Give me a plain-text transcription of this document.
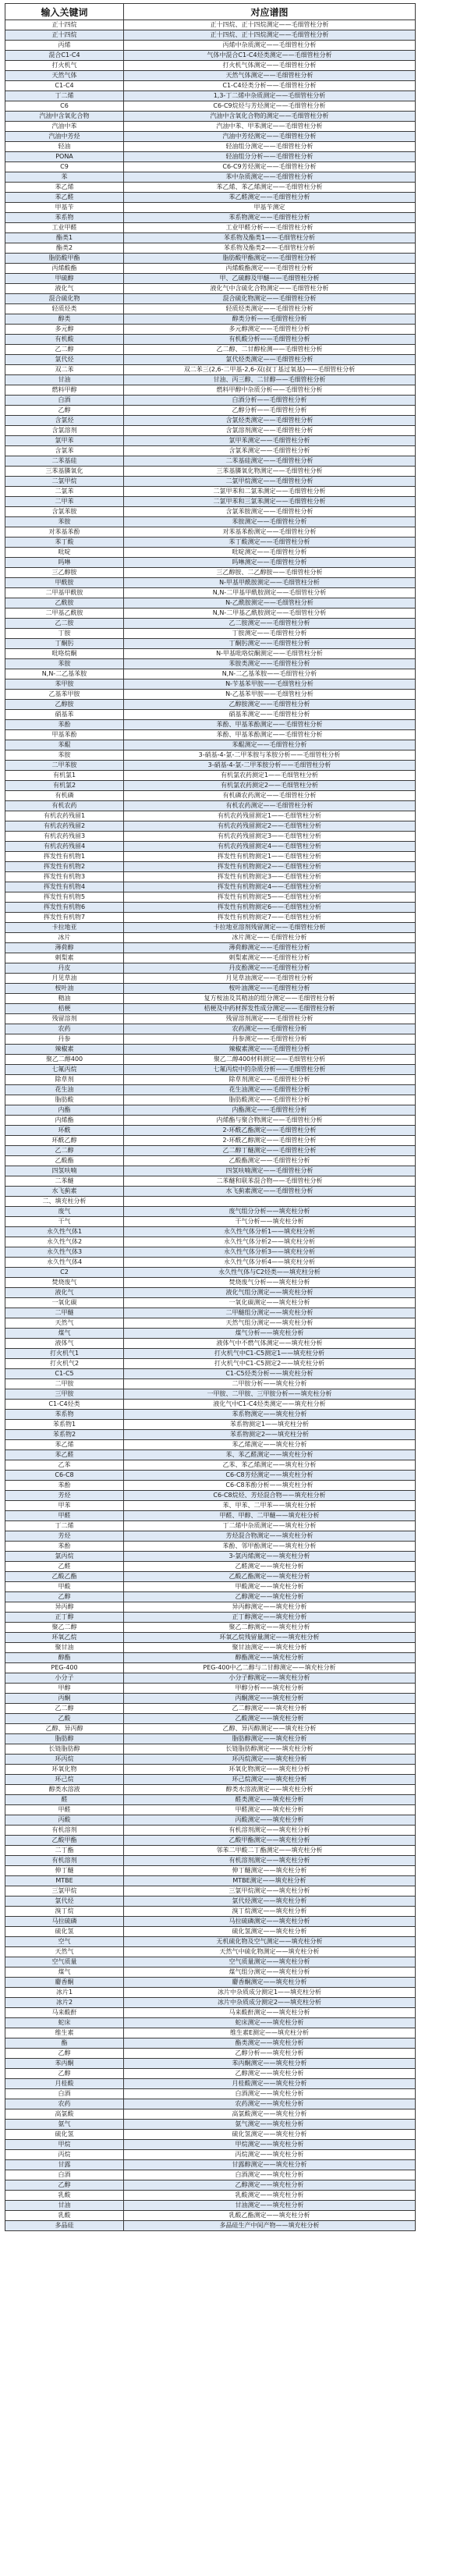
输入关键词	对应谱图
正十四烷	正十四烷、正十四烷测定——毛细管柱分析
正十四烷	正十四烷、正十四烷测定——毛细管柱分析
丙烯	丙烯中杂质测定——毛细管柱分析
混合C1-C4	气体中混合C1-C4烃类测定——毛细管柱分析
打火机气	打火机气体测定——毛细管柱分析
天然气体	天然气体测定——毛细管柱分析
C1-C4	C1-C4烃类分析——毛细管柱分析
丁二烯	1,3-丁二烯中杂质测定——毛细管柱分析
C6	C6-C9烷烃与芳烃测定——毛细管柱分析
汽油中含氧化合物	汽油中含氧化合物的测定——毛细管柱分析
汽油中苯	汽油中苯、甲苯测定——毛细管柱分析
汽油中芳烃	汽油中芳烃测定——毛细管柱分析
轻油	轻油组分测定——毛细管柱分析
PONA	轻油组分分析——毛细管柱分析
C9	C6-C9芳烃测定——毛细管柱分析
苯	苯中杂质测定——毛细管柱分析
苯乙烯	苯乙烯、苯乙烯测定——毛细管柱分析
苯乙醛	苯乙醛测定——毛细管柱分析
甲基苄	甲基苄测定
苯系物	苯系物测定——毛细管柱分析
工业甲醛	工业甲醛分析——毛细管柱分析
酯类1	苯系物及酯类1——毛细管柱分析
酯类2	苯系物及酯类2——毛细管柱分析
脂肪酸甲酯	脂肪酸甲酯测定——毛细管柱分析
丙烯酸酯	丙烯酸酯测定——毛细管柱分析
甲硫醇	甲、乙硫醇及甲醚——毛细管柱分析
液化气	液化气中含硫化合物测定——毛细管柱分析
混合硫化物	混合硫化物测定——毛细管柱分析
轻质烃类	轻质烃类测定——毛细管柱分析
醇类	醇类分析——毛细管柱分析
多元醇	多元醇测定——毛细管柱分析
有机酸	有机酸分析——毛细管柱分析
乙二醇	乙二醇、二甘醇检测——毛细管柱分析
氯代烃	氯代烃类测定——毛细管柱分析
双二苯	双二苯三(2,6-二甲基-2,6-双(叔丁基过氧基)——毛细管柱分析
甘油	甘油、丙三醇、二甘醇——毛细管柱分析
燃料甲醇	燃料甲醇中杂质分析——毛细管柱分析
白酒	白酒分析——毛细管柱分析
乙醇	乙醇分析——毛细管柱分析
含氯烃	含氯烃类测定——毛细管柱分析
含氯溶剂	含氯溶剂测定——毛细管柱分析
氯甲苯	氯甲苯测定——毛细管柱分析
含氯苯	含氯苯测定——毛细管柱分析
二苯基硅	二苯基硅测定——毛细管柱分析
三苯基膦氧化	三苯基膦氧化物测定——毛细管柱分析
二氯甲烷	二氯甲烷测定——毛细管柱分析
二氯苯	二氯甲苯和二氯苯测定——毛细管柱分析
二甲苯	二氯甲苯和三氯苯测定——毛细管柱分析
含氯苯胺	含氯苯胺测定——毛细管柱分析
苯胺	苯胺测定——毛细管柱分析
对苯基苯酚	对苯基苯酚测定——毛细管柱分析
苯丁酸	苯丁酸测定——毛细管柱分析
吡啶	吡啶测定——毛细管柱分析
吗啉	吗啉测定——毛细管柱分析
三乙醇胺	三乙醇胺、二乙醇胺——毛细管柱分析
甲酰胺	N-甲基甲酰胺测定——毛细管柱分析
二甲基甲酰胺	N,N-二甲基甲酰胺测定——毛细管柱分析
乙酰胺	N-乙酰胺测定——毛细管柱分析
二甲基乙酰胺	N,N-二甲基乙酰胺测定——毛细管柱分析
乙二胺	乙二胺测定——毛细管柱分析
丁胺	丁胺测定——毛细管柱分析
丁酮肟	丁酮肟测定——毛细管柱分析
吡咯烷酮	N-甲基吡咯烷酮测定——毛细管柱分析
苯胺	苯胺类测定——毛细管柱分析
N,N-二乙基苯胺	N,N-二乙基苯胺——毛细管柱分析
苯甲胺	N-苄基苯甲胺——毛细管柱分析
乙基苯甲胺	N-乙基苯甲胺——毛细管柱分析
乙醇胺	乙醇胺测定——毛细管柱分析
硝基苯	硝基苯测定——毛细管柱分析
苯酚	苯酚、甲基苯酚测定——毛细管柱分析
甲基苯酚	苯酚、甲基苯酚测定——毛细管柱分析
苯醌	苯醌测定——毛细管柱分析
苯胺	3-硝基-4-氯-二甲苯胺与苯胺分析——毛细管柱分析
二甲苯胺	3-硝基-4-氯-二甲苯胺分析——毛细管柱分析
有机氯1	有机氯农药测定1——毛细管柱分析
有机氯2	有机氯农药测定2——毛细管柱分析
有机磷	有机磷农药测定——毛细管柱分析
有机农药	有机农药测定——毛细管柱分析
有机农药残留1	有机农药残留测定1——毛细管柱分析
有机农药残留2	有机农药残留测定2——毛细管柱分析
有机农药残留3	有机农药残留测定3——毛细管柱分析
有机农药残留4	有机农药残留测定4——毛细管柱分析
挥发性有机物1	挥发性有机物测定1——毛细管柱分析
挥发性有机物2	挥发性有机物测定2——毛细管柱分析
挥发性有机物3	挥发性有机物测定3——毛细管柱分析
挥发性有机物4	挥发性有机物测定4——毛细管柱分析
挥发性有机物5	挥发性有机物测定5——毛细管柱分析
挥发性有机物6	挥发性有机物测定6——毛细管柱分析
挥发性有机物7	挥发性有机物测定7——毛细管柱分析
卡拉地亚	卡拉地亚溶剂残留测定——毛细管柱分析
冰片	冰片测定——毛细管柱分析
薄荷醇	薄荷醇测定——毛细管柱分析
刺梨素	刺梨素测定——毛细管柱分析
丹皮	丹皮酚测定——毛细管柱分析
月见草油	月见草油测定——毛细管柱分析
桉叶油	桉叶油测定——毛细管柱分析
精油	复方桉油及其精油的组分测定——毛细管柱分析
桔梗	桔梗及中药材挥发性成分测定——毛细管柱分析
残留溶剂	残留溶剂测定——毛细管柱分析
农药	农药测定——毛细管柱分析
丹参	丹参测定——毛细管柱分析
辣椒素	辣椒素测定——毛细管柱分析
聚乙二醇400	聚乙二醇400材料测定——毛细管柱分析
七氟丙烷	七氟丙烷中的杂质分析——毛细管柱分析
除草剂	除草剂测定——毛细管柱分析
花生油	花生油测定——毛细管柱分析
脂肪酸	脂肪酸测定——毛细管柱分析
内酯	内酯测定——毛细管柱分析
内烯酯	内烯酯与聚合物测定——毛细管柱分析
环酰	2-环酰乙酯测定——毛细管柱分析
环酰乙醇	2-环酰乙醇测定——毛细管柱分析
乙二醇	乙二醇丁醚测定——毛细管柱分析
乙酸酯	乙酸酯测定——毛细管柱分析
四氢呋喃	四氢呋喃测定——毛细管柱分析
二苯醚	二苯醚和联苯混合物——毛细管柱分析
水飞蓟素	水飞蓟素测定——毛细管柱分析
二、填充柱分析	
废气	废气组分分析——填充柱分析
干气	干气分析——填充柱分析
永久性气体1	永久性气体分析1——填充柱分析
永久性气体2	永久性气体分析2——填充柱分析
永久性气体3	永久性气体分析3——填充柱分析
永久性气体4	永久性气体分析4——填充柱分析
C2	永久性气体与C2烃类——填充柱分析
焚烧废气	焚烧废气分析——填充柱分析
液化气	液化气组分测定——填充柱分析
一氧化碳	一氧化碳测定——填充柱分析
二甲醚	二甲醚组分测定——填充柱分析
天然气	天然气组分测定——填充柱分析
煤气	煤气分析——填充柱分析
液体气	液体气中不燃气体测定——填充柱分析
打火机气1	打火机气中C1-C5测定1——填充柱分析
打火机气2	打火机气中C1-C5测定2——填充柱分析
C1-C5	C1-C5烃类分析——填充柱分析
二甲胺	二甲胺分析——填充柱分析
三甲胺	一甲胺、二甲胺、三甲胺分析——填充柱分析
C1-C4烃类	液化气中C1-C4烃类测定——填充柱分析
苯系物	苯系物测定——填充柱分析
苯系物1	苯系物测定1——填充柱分析
苯系物2	苯系物测定2——填充柱分析
苯乙烯	苯乙烯测定——填充柱分析
苯乙醛	苯、苯乙醛测定——填充柱分析
乙苯	乙苯、苯乙烯测定——填充柱分析
C6-C8	C6-C8芳烃测定——填充柱分析
苯酚	C6-C8苯酚分析——填充柱分析
芳烃	C6-C8烷烃、芳烃混合物——填充柱分析
甲苯	苯、甲苯、二甲苯——填充柱分析
甲醛	甲醛、甲醇、二甲醚——填充柱分析
丁二烯	丁二烯中杂质测定——填充柱分析
芳烃	芳烃混合物测定——填充柱分析
苯酚	苯酚、邻甲酚测定——填充柱分析
氯丙烷	3-氯丙烯测定——填充柱分析
乙醛	乙醛测定——填充柱分析
乙酸乙酯	乙酸乙酯测定——填充柱分析
甲酸	甲酸测定——填充柱分析
乙醇	乙醇测定——填充柱分析
异丙醇	异丙醇测定——填充柱分析
正丁醇	正丁醇测定——填充柱分析
聚乙二醇	聚乙二醇测定——填充柱分析
环氧乙烷	环氧乙烷残留量测定——填充柱分析
聚甘油	聚甘油测定——填充柱分析
醇酯	醇酯测定——填充柱分析
PEG-400	PEG-400中乙二醇与二甘醇测定——填充柱分析
小分子	小分子醇测定——填充柱分析
甲醇	甲醇分析——填充柱分析
丙酮	丙酮测定——填充柱分析
乙二醇	乙二醇测定——填充柱分析
乙酸	乙酸测定——填充柱分析
乙醇、异丙醇	乙醇、异丙醇测定——填充柱分析
脂肪醇	脂肪醇测定——填充柱分析
长链脂肪醇	长链脂肪醇测定——填充柱分析
环丙烷	环丙烷测定——填充柱分析
环氧化物	环氧化物测定——填充柱分析
环己烷	环己烷测定——填充柱分析
醇类水溶液	醇类水溶液测定——填充柱分析
醛	醛类测定——填充柱分析
甲醛	甲醛测定——填充柱分析
丙酸	丙酸测定——填充柱分析
有机溶剂	有机溶剂测定——填充柱分析
乙酸甲酯	乙酸甲酯测定——填充柱分析
二丁酯	邻苯二甲酸二丁酯测定——填充柱分析
有机溶剂	有机溶剂测定——填充柱分析
伸丁醚	伸丁醚测定——填充柱分析
MTBE	MTBE测定——填充柱分析
三氯甲烷	三氯甲烷测定——填充柱分析
氯代烃	氯代烃测定——填充柱分析
溴丁烷	溴丁烷测定——填充柱分析
马拉硫磷	马拉硫磷测定——填充柱分析
硫化氢	硫化氢测定——填充柱分析
空气	无机硫化物及空气测定——填充柱分析
天然气	天然气中硫化物测定——填充柱分析
空气质量	空气质量测定——填充柱分析
煤气	煤气组分测定——填充柱分析
麝香酮	麝香酮测定——填充柱分析
冰片1	冰片中杂质成分测定1——填充柱分析
冰片2	冰片中杂质成分测定2——填充柱分析
马来酸酐	马来酸酐测定——填充柱分析
蛇床	蛇床测定——填充柱分析
维生素	维生素E测定——填充柱分析
酯	酯类测定——填充柱分析
乙醇	乙醇分析——填充柱分析
苯丙酮	苯丙酮测定——填充柱分析
乙醇	乙醇测定——填充柱分析
月桂酸	月桂酸测定——填充柱分析
白酒	白酒测定——填充柱分析
农药	农药测定——填充柱分析
高氯酸	高氯酸测定——填充柱分析
氨气	氨气测定——填充柱分析
硫化氢	硫化氢测定——填充柱分析
甲烷	甲烷测定——填充柱分析
丙烷	丙烷测定——填充柱分析
甘露	甘露醇测定——填充柱分析
白酒	白酒测定——填充柱分析
乙醇	乙醇测定——填充柱分析
乳酸	乳酸测定——填充柱分析
甘油	甘油测定——填充柱分析
乳酸	乳酸乙酯测定——填充柱分析
多晶硅	多晶硅生产中间产物——填充柱分析
